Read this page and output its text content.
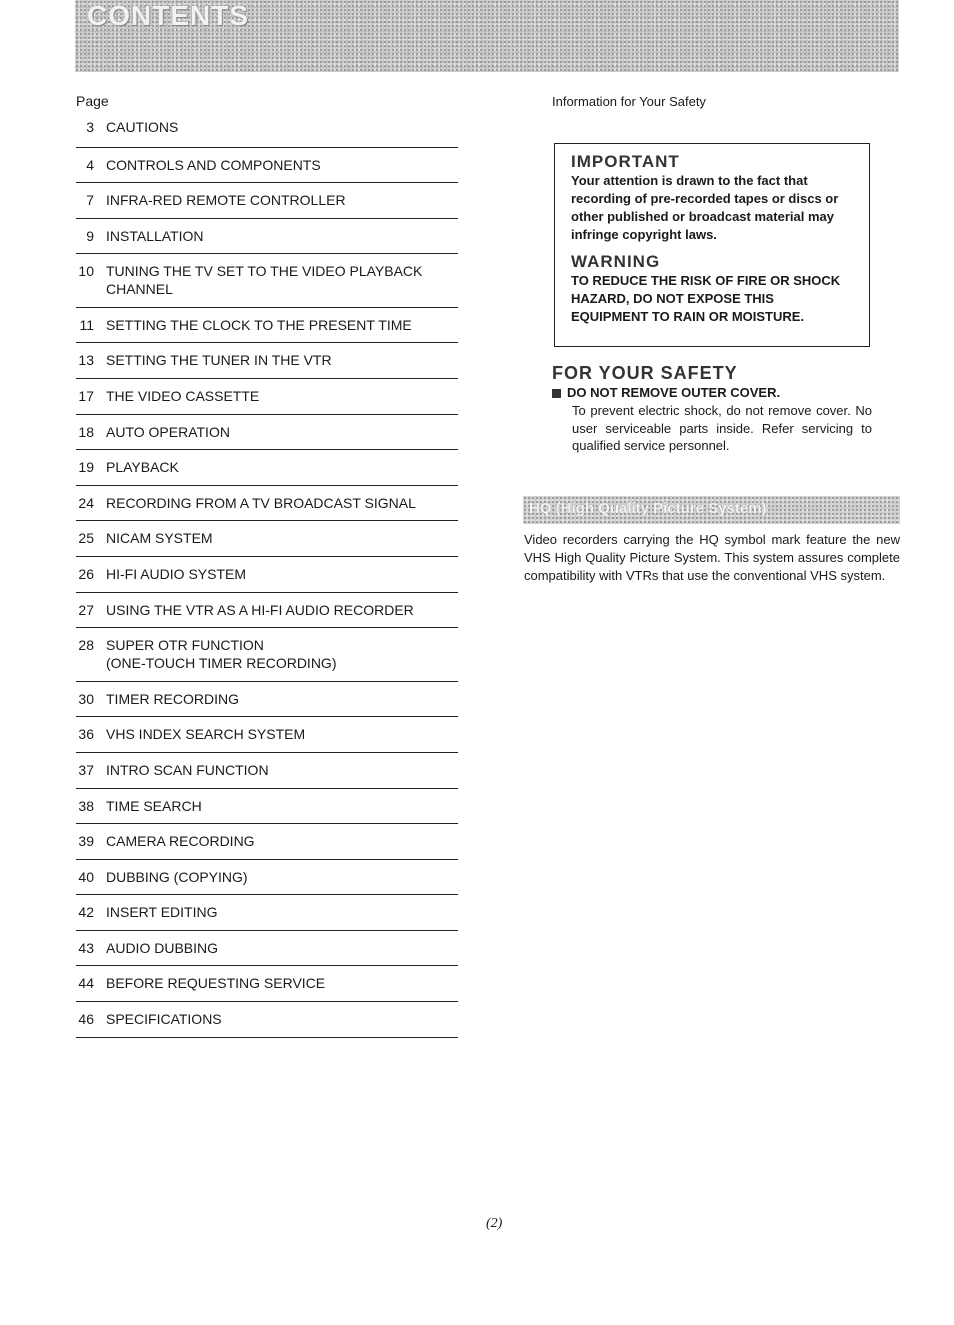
CONTENTS
Page
3 CAUTIONS
4 CONTROLS AND COMPONENTS
7 INFRA-RED REMOTE CONTROLLER
9 INSTALLATION
10 TUNING THE TV SET TO THE VIDEO PLAYBACK
CHANNEL
11 SETTING THE CLOCK TO THE PRESENT TIME
13 SETTING THE TUNER IN THE VTR
17 THE VIDEO CASSETTE
18 AUTO OPERATION
19 PLAYBACK
24 RECORDING FROM A TV BROADCAST SIGNAL
25 NICAM SYSTEM
26 HI-FI AUDIO SYSTEM
27 USING THE VTR AS A HI-FI AUDIO RECORDER
28 SUPER OTR FUNCTION
(ONE-TOUCH TIMER RECORDING)
30 TIMER RECORDING
36 VHS INDEX SEARCH SYSTEM
37 INTRO SCAN FUNCTION
38 TIME SEARCH
39 CAMERA RECORDING
40 DUBBING (COPYING)
42 INSERT EDITING
43 AUDIO DUBBING
44 BEFORE REQUESTING SERVICE
46 SPECIFICATIONS
Information for Your Safety
IMPORTANT
Your attention is drawn to the fact that recording of pre-recorded tapes or discs or other published or broadcast material may infringe copyright laws.
WARNING
TO REDUCE THE RISK OF FIRE OR SHOCK HAZARD, DO NOT EXPOSE THIS EQUIPMENT TO RAIN OR MOISTURE.
FOR YOUR SAFETY
DO NOT REMOVE OUTER COVER.
To prevent electric shock, do not remove cover. No user serviceable parts inside. Refer servicing to qualified service personnel.
HQ (High Quality Picture System)
Video recorders carrying the HQ symbol mark feature the new VHS High Quality Picture System. This system assures complete compatibility with VTRs that use the conventional VHS system.
(2)
